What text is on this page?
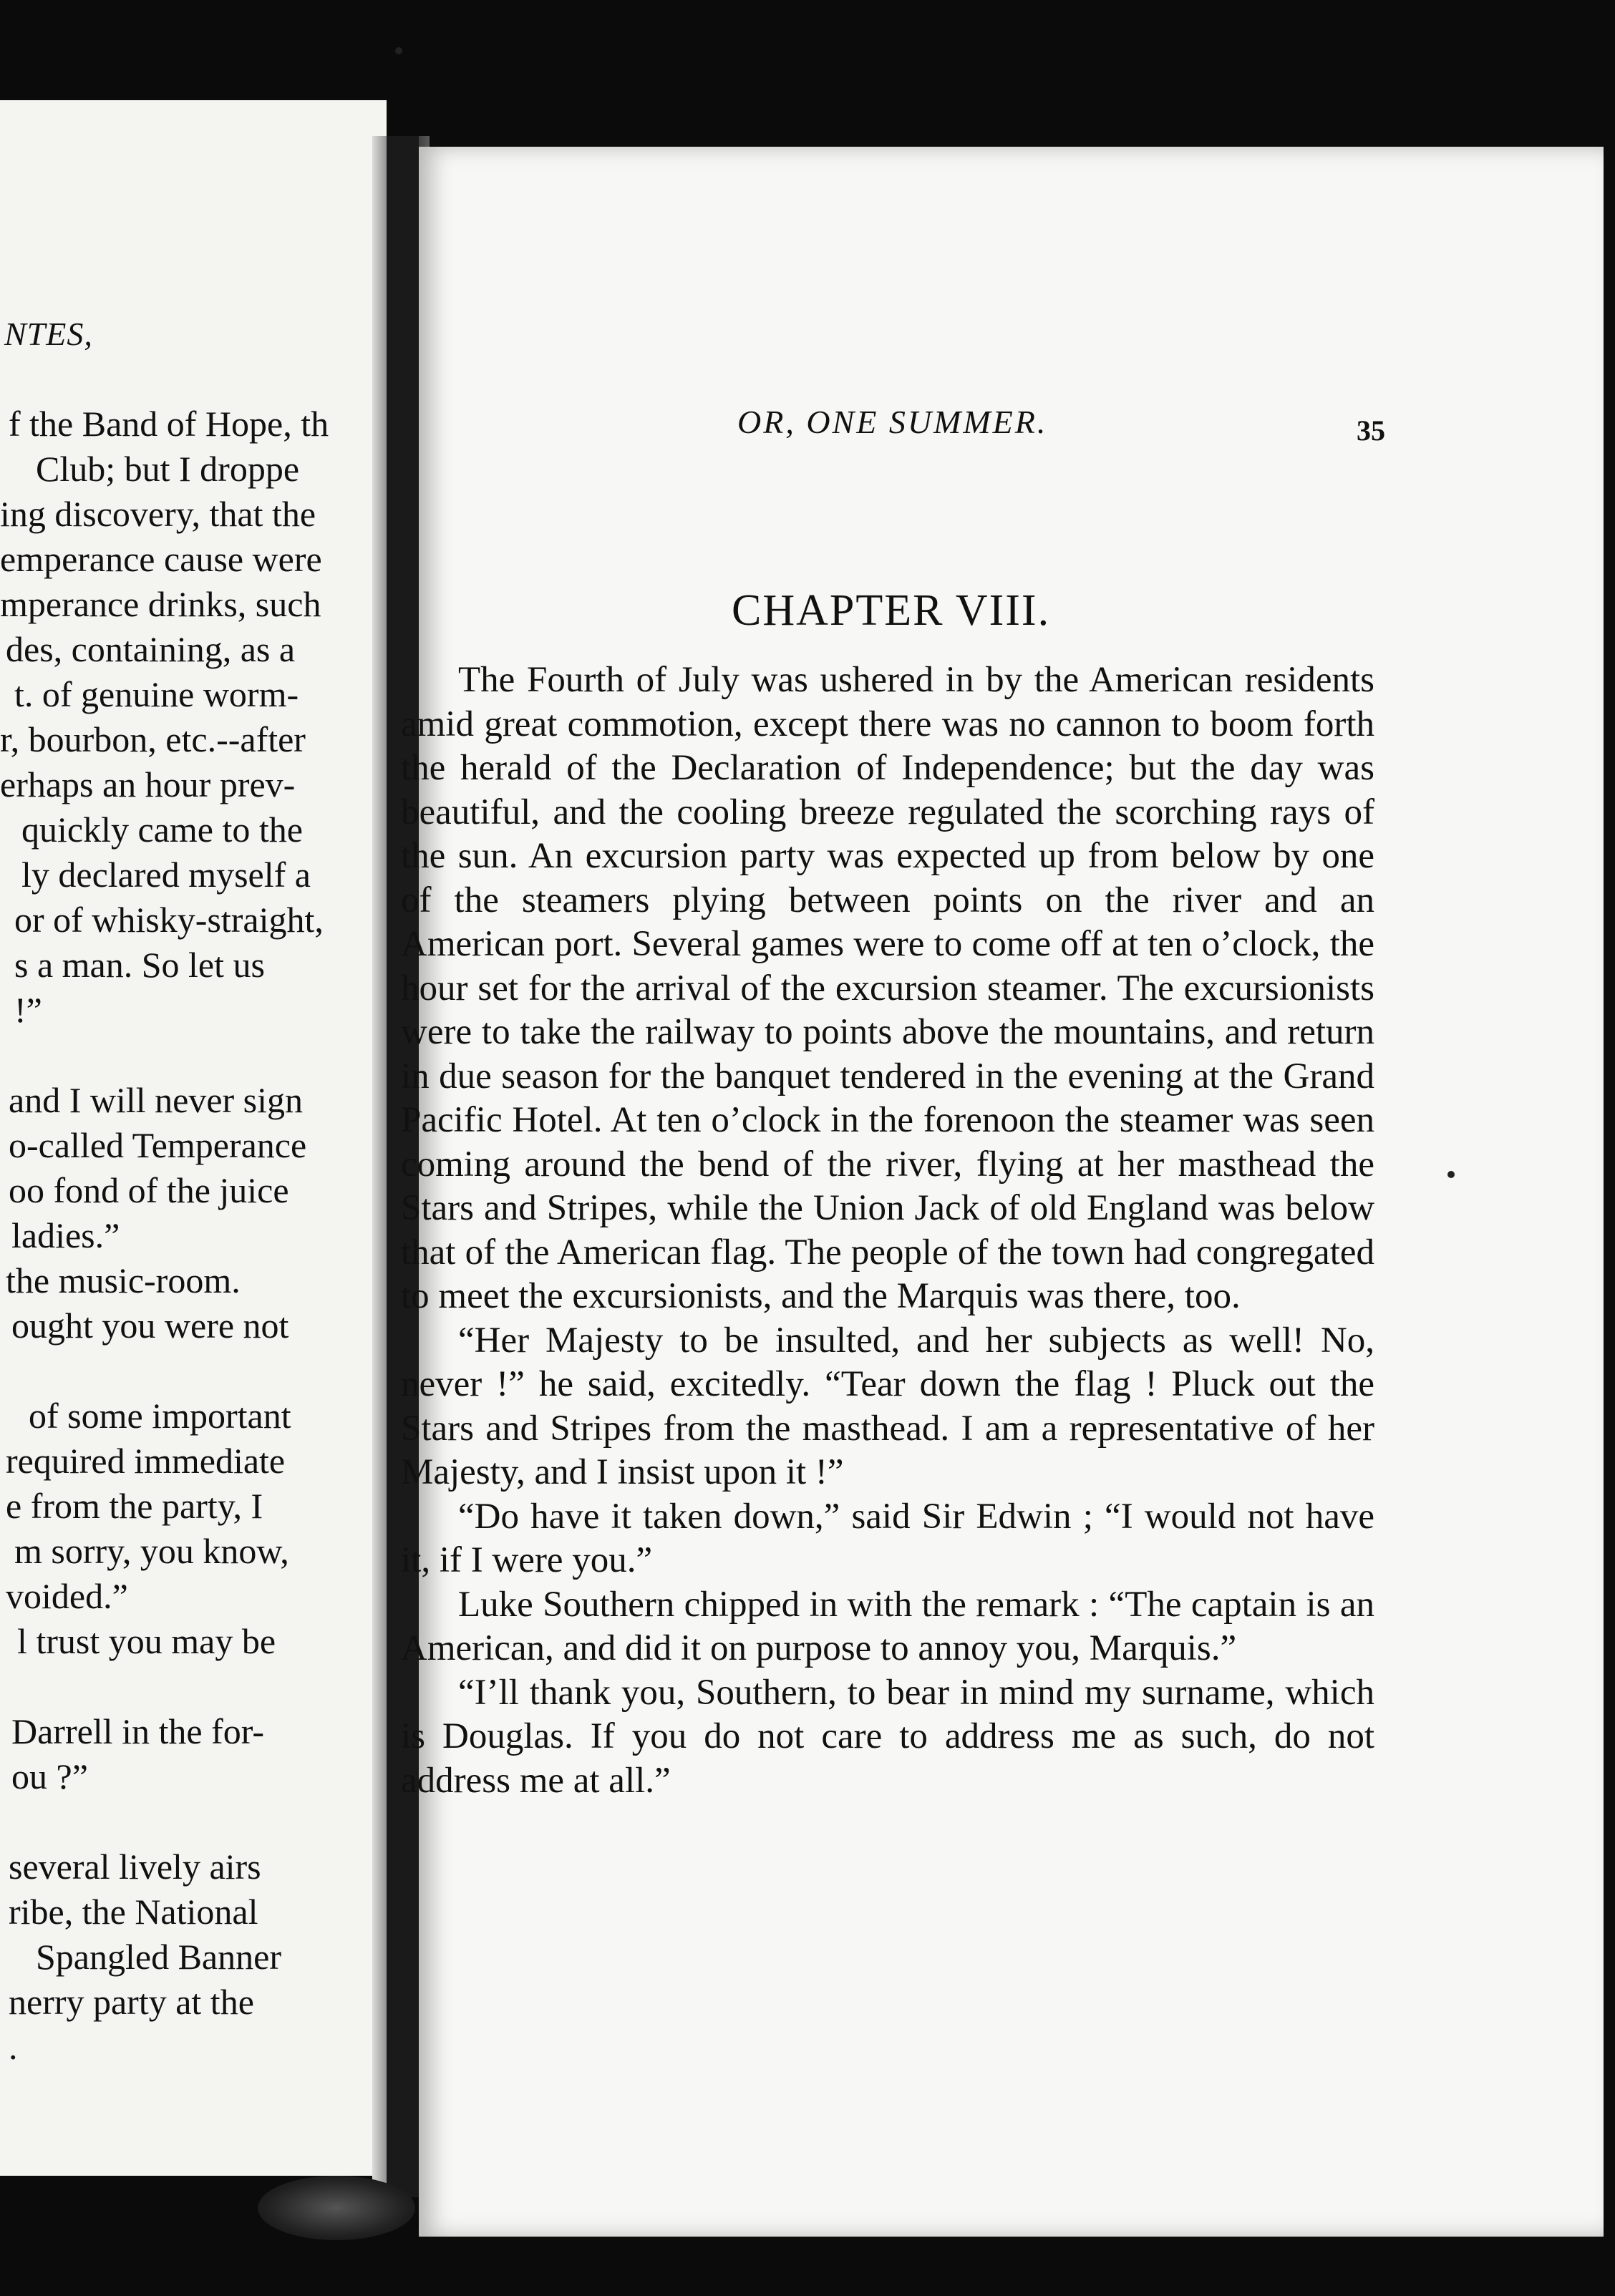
NTES,
f the Band of Hope, th
Club; but I droppe
ing discovery, that the
emperance cause were
mperance drinks, such
des, containing, as a
t. of genuine worm-
r, bourbon, etc.--after
erhaps an hour prev-
quickly came to the
ly declared myself a
or of whisky-straight,
s a man. So let us
!”
and I will never sign
o-called Temperance
oo fond of the juice
ladies.”
the music-room.
ought you were not
of some important
required immediate
e from the party, I
m sorry, you know,
voided.”
l trust you may be
Darrell in the for-
ou ?”
several lively airs
ribe, the National
Spangled Banner
nerry party at the
.
OR, ONE SUMMER.	35
CHAPTER VIII.

The Fourth of July was ushered in by the American residents amid great commotion, except there was no cannon to boom forth the herald of the Declaration of Independence; but the day was beautiful, and the cooling breeze regulated the scorching rays of the sun. An excursion party was expected up from below by one of the steamers plying between points on the river and an American port. Several games were to come off at ten o’clock, the hour set for the arrival of the excursion steamer. The excursionists were to take the railway to points above the mountains, and return in due season for the banquet tendered in the evening at the Grand Pacific Hotel. At ten o’clock in the forenoon the steamer was seen coming around the bend of the river, flying at her masthead the Stars and Stripes, while the Union Jack of old England was below that of the American flag. The people of the town had congregated to meet the excursionists, and the Marquis was there, too.

“Her Majesty to be insulted, and her subjects as well! No, never !” he said, excitedly. “Tear down the flag ! Pluck out the Stars and Stripes from the masthead. I am a representative of her Majesty, and I insist upon it !”

“Do have it taken down,” said Sir Edwin ; “I would not have it, if I were you.”

Luke Southern chipped in with the remark : “The captain is an American, and did it on purpose to annoy you, Marquis.”

“I’ll thank you, Southern, to bear in mind my surname, which is Douglas. If you do not care to address me as such, do not address me at all.”
